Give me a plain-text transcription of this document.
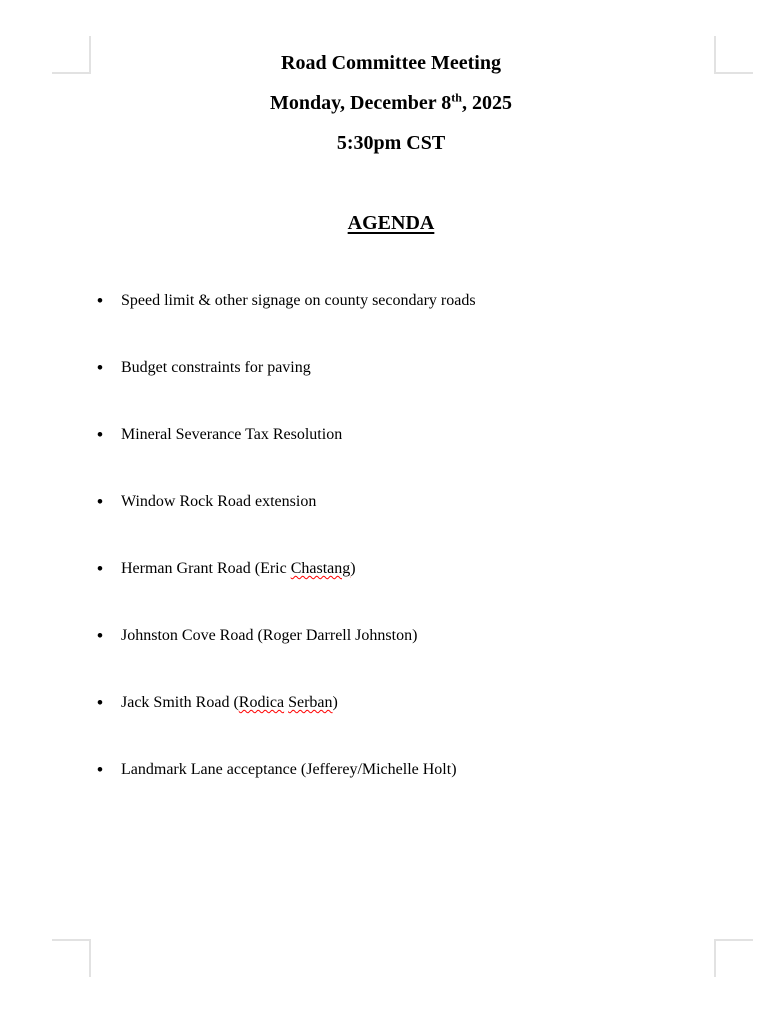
Road Committee Meeting
Monday, December 8th, 2025
5:30pm CST
AGENDA
• Speed limit & other signage on county secondary roads
• Budget constraints for paving
• Mineral Severance Tax Resolution
• Window Rock Road extension
• Herman Grant Road (Eric Chastang)
• Johnston Cove Road (Roger Darrell Johnston)
• Jack Smith Road (Rodica Serban)
• Landmark Lane acceptance (Jefferey/Michelle Holt)
